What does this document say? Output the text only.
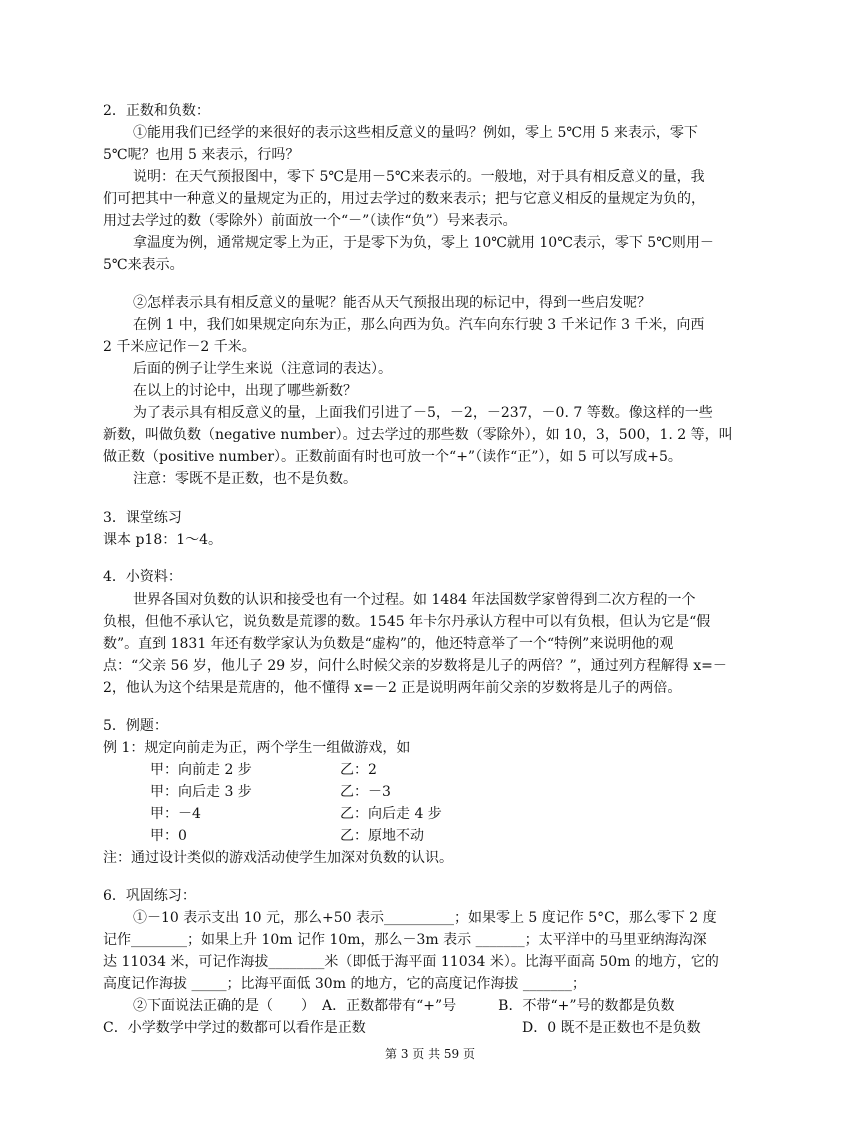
2．正数和负数：
①能用我们已经学的来很好的表示这些相反意义的量吗？例如，零上 5℃用 5 来表示，零下
5℃呢？也用 5 来表示，行吗？
说明：在天气预报图中，零下 5℃是用－5℃来表示的。一般地，对于具有相反意义的量，我
们可把其中一种意义的量规定为正的，用过去学过的数来表示；把与它意义相反的量规定为负的，
用过去学过的数（零除外）前面放一个“－”（读作“负”）号来表示。
拿温度为例，通常规定零上为正，于是零下为负，零上 10℃就用 10℃表示，零下 5℃则用－
5℃来表示。
②怎样表示具有相反意义的量呢？能否从天气预报出现的标记中，得到一些启发呢？
在例 1 中，我们如果规定向东为正，那么向西为负。汽车向东行驶 3 千米记作 3 千米，向西
2 千米应记作－2 千米。
后面的例子让学生来说（注意词的表达）。
在以上的讨论中，出现了哪些新数？
为了表示具有相反意义的量，上面我们引进了－5，－2，－237，－0. 7 等数。像这样的一些
新数，叫做负数（negative number）。过去学过的那些数（零除外），如 10，3，500，1. 2 等，叫
做正数（positive number）。正数前面有时也可放一个“+”（读作“正”），如 5 可以写成+5。
注意：零既不是正数，也不是负数。
3．课堂练习
课本 p18：1～4。
4．小资料：
世界各国对负数的认识和接受也有一个过程。如 1484 年法国数学家曾得到二次方程的一个
负根，但他不承认它，说负数是荒谬的数。1545 年卡尔丹承认方程中可以有负根，但认为它是“假
数”。直到 1831 年还有数学家认为负数是“虚构”的，他还特意举了一个“特例”来说明他的观
点：“父亲 56 岁，他儿子 29 岁，问什么时候父亲的岁数将是儿子的两倍？”，通过列方程解得 x=－
2，他认为这个结果是荒唐的，他不懂得 x=－2 正是说明两年前父亲的岁数将是儿子的两倍。
5．例题：
例 1：规定向前走为正，两个学生一组做游戏，如
甲：向前走 2 步	乙：2
甲：向后走 3 步	乙：－3
甲：－4	乙：向后走 4 步
甲：0	乙：原地不动
注：通过设计类似的游戏活动使学生加深对负数的认识。
6．巩固练习：
①－10 表示支出 10 元，那么+50 表示__________；如果零上 5 度记作 5°C，那么零下 2 度
记作________；如果上升 10m 记作 10m，那么－3m 表示 _______；太平洋中的马里亚纳海沟深
达 11034 米，可记作海拔________米（即低于海平面 11034 米）。比海平面高 50m 的地方，它的
高度记作海拔 _____；比海平面低 30m 的地方，它的高度记作海拔 _______；
②下面说法正确的是（　　）　A．正数都带有“+”号　　　B．不带“+”号的数都是负数
C．小学数学中学过的数都可以看作是正数	D．0 既不是正数也不是负数
第 3 页 共 59 页
